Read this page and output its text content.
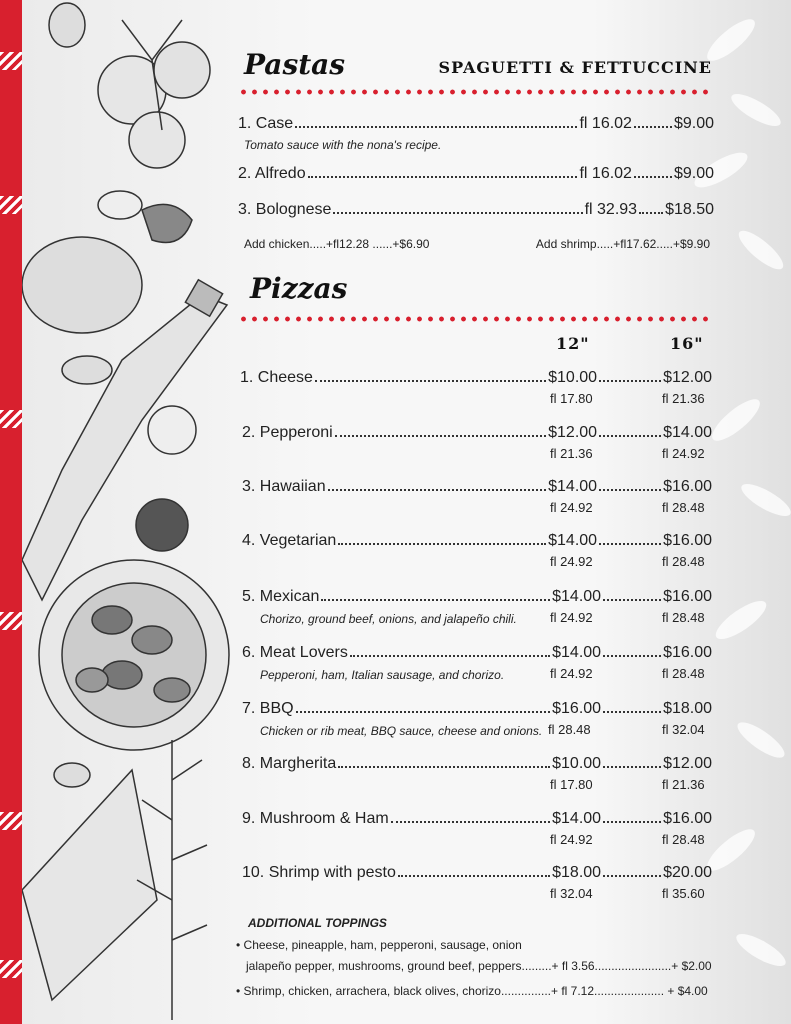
Pastas	SPAGUETTI & FETTUCCINE
1. Case	fl 16.02	$9.00
Tomato sauce with the nona's recipe.
2. Alfredo	fl 16.02	$9.00
3. Bolognese	fl 32.93 $18.50
Add chicken.....+fl12.28 ......+$6.90	Add shrimp.....+fl17.62.....+$9.90
Pizzas
12"	16"
1. Cheese	$10.00	$12.00
fl 17.80	fl 21.36
2. Pepperoni	$12.00	$14.00
fl 21.36	fl 24.92
3. Hawaiian	$14.00	$16.00
fl 24.92	fl 28.48
4. Vegetarian	$14.00	$16.00
fl 24.92	fl 28.48
5. Mexican	$14.00	$16.00
Chorizo, ground beef, onions, and jalapeño chili.	fl 24.92	fl 28.48
6. Meat Lovers	$14.00	$16.00
Pepperoni, ham, Italian sausage, and chorizo.	fl 24.92	fl 28.48
7. BBQ	$16.00	$18.00
Chicken or rib meat, BBQ sauce, cheese and onions. fl 28.48	fl 32.04
8. Margherita	$10.00	$12.00
fl 17.80	fl 21.36
9. Mushroom & Ham	$14.00	$16.00
fl 24.92	fl 28.48
10. Shrimp with pesto	$18.00	$20.00
fl 32.04	fl 35.60
ADDITIONAL TOPPINGS
• Cheese, pineapple, ham, pepperoni, sausage, onion
jalapeño pepper, mushrooms, ground beef, peppers.........+ fl 3.56.......................+ $2.00
• Shrimp, chicken, arrachera, black olives, chorizo...............+ fl 7.12..................... + $4.00
